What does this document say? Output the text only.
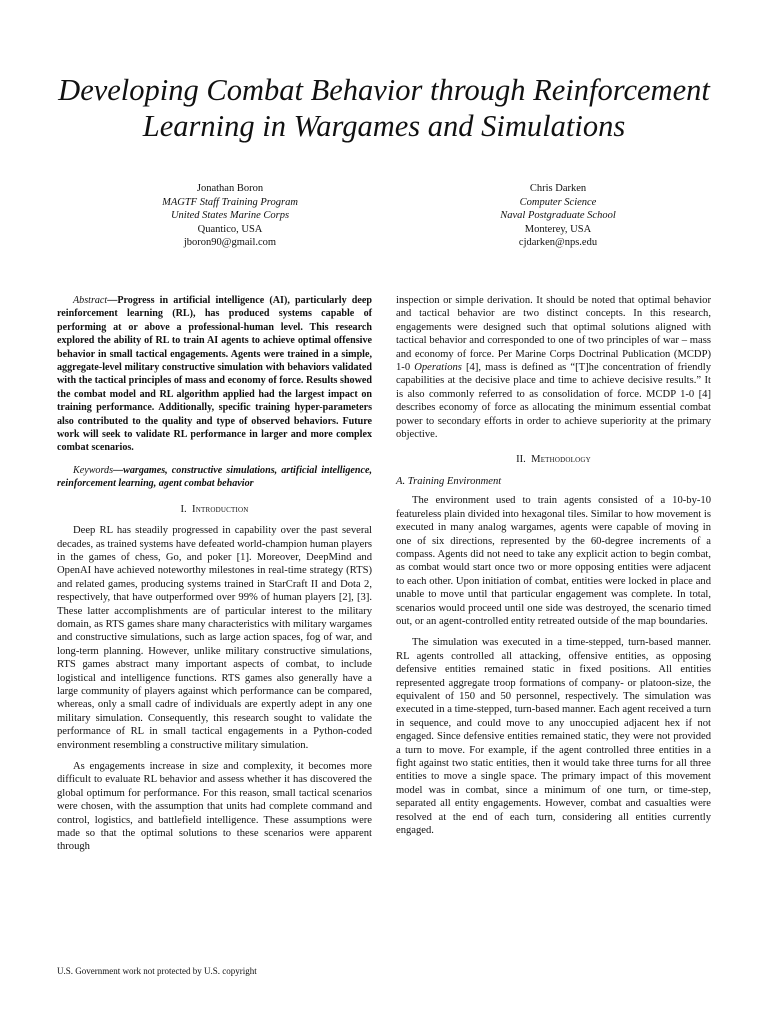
Developing Combat Behavior through Reinforcement
Learning in Wargames and Simulations
Jonathan Boron
MAGTF Staff Training Program
United States Marine Corps
Quantico, USA
jboron90@gmail.com
Chris Darken
Computer Science
Naval Postgraduate School
Monterey, USA
cjdarken@nps.edu

Abstract—Progress in artificial intelligence (AI), particularly deep reinforcement learning (RL), has produced systems capable of performing at or above a professional-human level. This research explored the ability of RL to train AI agents to achieve optimal offensive behavior in small tactical engagements. Agents were trained in a simple, aggregate-level military constructive simulation with behaviors validated with the tactical principles of mass and economy of force. Results showed the combat model and RL algorithm applied had the largest impact on training performance. Additionally, specific training hyper-parameters also contributed to the quality and type of observed behaviors. Future work will seek to validate RL performance in larger and more complex combat scenarios.

Keywords—wargames, constructive simulations, artificial intelligence, reinforcement learning, agent combat behavior

I. Introduction

Deep RL has steadily progressed in capability over the past several decades, as trained systems have defeated world-champion human players in the games of chess, Go, and poker [1]. Moreover, DeepMind and OpenAI have achieved noteworthy milestones in real-time strategy (RTS) and related games, producing systems trained in StarCraft II and Dota 2, respectively, that have outperformed over 99% of human players [2], [3]. These latter accomplishments are of particular interest to the military domain, as RTS games share many characteristics with military wargames and constructive simulations, such as large action spaces, fog of war, and long-term planning. However, unlike military constructive simulations, RTS games abstract many important aspects of combat, to include logistical and intelligence functions. RTS games also generally have a large community of players against which performance can be compared, whereas, only a small cadre of individuals are expertly adept in any one military simulation. Consequently, this research sought to validate the performance of RL in small tactical engagements in a Python-coded environment resembling a constructive military simulation.

As engagements increase in size and complexity, it becomes more difficult to evaluate RL behavior and assess whether it has discovered the global optimum for performance. For this reason, small tactical scenarios were chosen, with the assumption that units had complete command and control, logistics, and battlefield intelligence. These assumptions were made so that the optimal solutions to these scenarios were apparent through

inspection or simple derivation. It should be noted that optimal behavior and tactical behavior are two distinct concepts. In this research, engagements were designed such that optimal solutions aligned with tactical behavior and corresponded to one of two principles of war – mass and economy of force. Per Marine Corps Doctrinal Publication (MCDP) 1-0 Operations [4], mass is defined as “[T]he concentration of friendly capabilities at the decisive place and time to achieve decisive results.” It is also commonly referred to as consolidation of force. MCDP 1-0 [4] describes economy of force as allocating the minimum essential combat power to secondary efforts in order to achieve superiority at the primary objective.

II. Methodology

A. Training Environment

The environment used to train agents consisted of a 10-by-10 featureless plain divided into hexagonal tiles. Similar to how movement is executed in many analog wargames, agents were capable of moving in one of six directions, represented by the 60-degree increments of a compass. Agents did not need to take any explicit action to begin combat, as combat would start once two or more opposing entities were adjacent to each other. Upon initiation of combat, entities were locked in place and unable to move until that particular engagement was complete. In total, scenarios would proceed until one side was destroyed, the scenario timed out, or an agent-controlled entity retreated outside of the map boundaries.

The simulation was executed in a time-stepped, turn-based manner. RL agents controlled all attacking, offensive entities, as opposing defensive entities remained static in fixed positions. All entities represented aggregate troop formations of company- or platoon-size, the equivalent of 150 and 50 personnel, respectively. The simulation was executed in a time-stepped, turn-based manner. Each agent received a turn in sequence, and could move to any unoccupied adjacent hex if not engaged. Since defensive entities remained static, they were not provided a turn to move. For example, if the agent controlled three entities in a fight against two static entities, then it would take three turns for all three entities to move a single space. The primary impact of this movement model was in combat, since a minimum of one turn, or time-step, separated all entity engagements. However, combat and casualties were resolved at the end of each turn, considering all entities currently engaged.

U.S. Government work not protected by U.S. copyright
